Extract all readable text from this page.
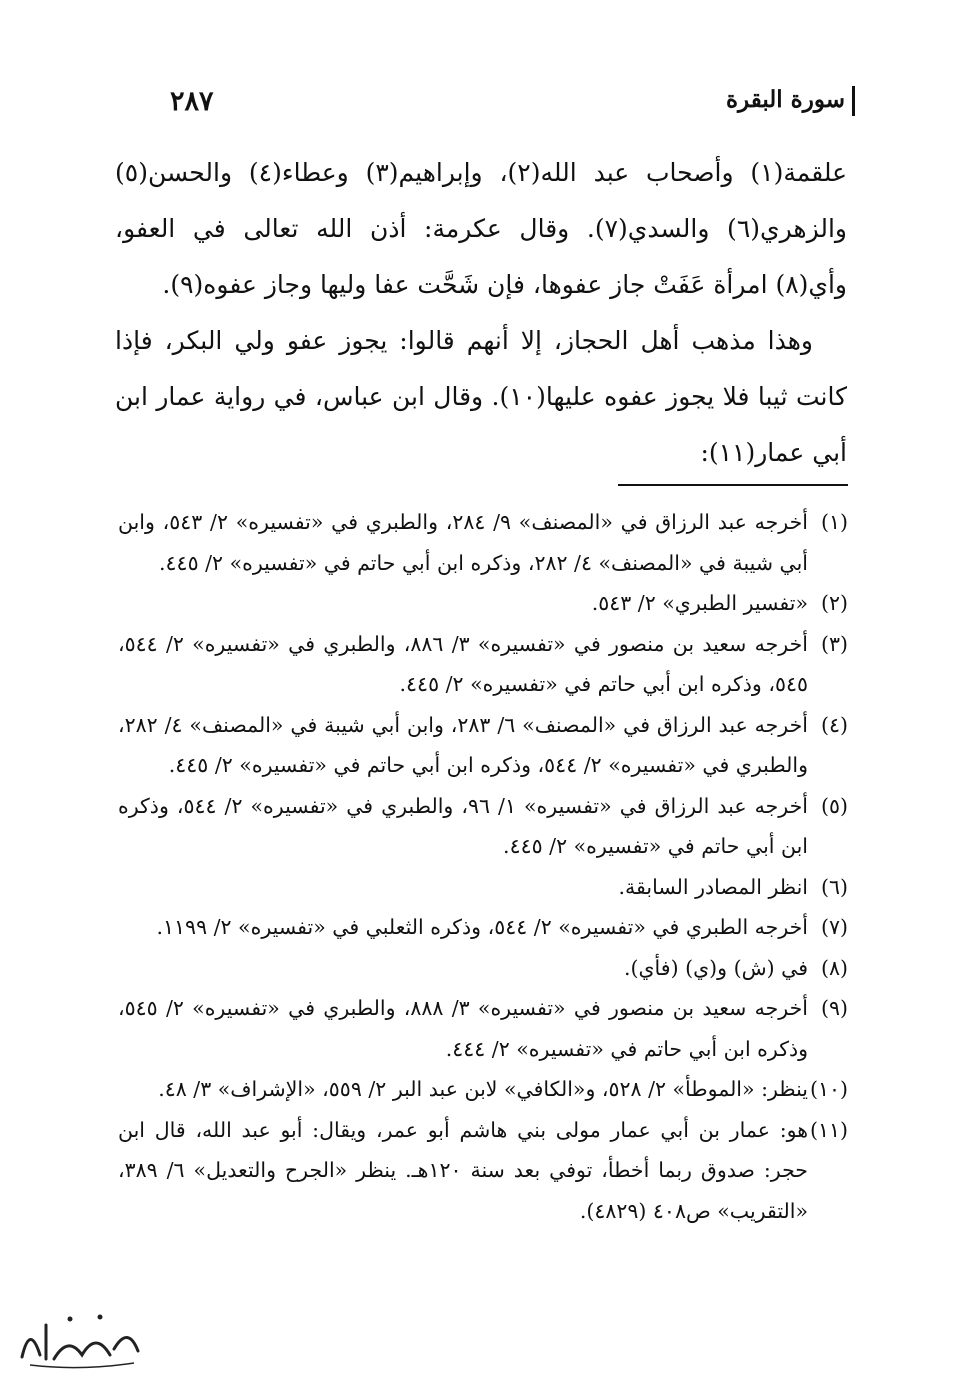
سورة البقرة
٢٨٧

علقمة(١) وأصحاب عبد الله(٢)، وإبراهيم(٣) وعطاء(٤) والحسن(٥) والزهري(٦) والسدي(٧). وقال عكرمة: أذن الله تعالى في العفو، وأي(٨) امرأة عَفَتْ جاز عفوها، فإن شَحَّت عفا وليها وجاز عفوه(٩).

وهذا مذهب أهل الحجاز، إلا أنهم قالوا: يجوز عفو ولي البكر، فإذا كانت ثيبا فلا يجوز عفوه عليها(١٠). وقال ابن عباس، في رواية عمار ابن أبي عمار(١١):

(١)أخرجه عبد الرزاق في «المصنف» ٩/ ٢٨٤، والطبري في «تفسيره» ٢/ ٥٤٣، وابن أبي شيبة في «المصنف» ٤/ ٢٨٢، وذكره ابن أبي حاتم في «تفسيره» ٢/ ٤٤٥.
(٢)«تفسير الطبري» ٢/ ٥٤٣.
(٣)أخرجه سعيد بن منصور في «تفسيره» ٣/ ٨٨٦، والطبري في «تفسيره» ٢/ ٥٤٤، ٥٤٥، وذكره ابن أبي حاتم في «تفسيره» ٢/ ٤٤٥.
(٤)أخرجه عبد الرزاق في «المصنف» ٦/ ٢٨٣، وابن أبي شيبة في «المصنف» ٤/ ٢٨٢، والطبري في «تفسيره» ٢/ ٥٤٤، وذكره ابن أبي حاتم في «تفسيره» ٢/ ٤٤٥.
(٥)أخرجه عبد الرزاق في «تفسيره» ١/ ٩٦، والطبري في «تفسيره» ٢/ ٥٤٤، وذكره ابن أبي حاتم في «تفسيره» ٢/ ٤٤٥.
(٦)انظر المصادر السابقة.
(٧)أخرجه الطبري في «تفسيره» ٢/ ٥٤٤، وذكره الثعلبي في «تفسيره» ٢/ ١١٩٩.
(٨)في (ش) و(ي) (فأي).
(٩)أخرجه سعيد بن منصور في «تفسيره» ٣/ ٨٨٨، والطبري في «تفسيره» ٢/ ٥٤٥، وذكره ابن أبي حاتم في «تفسيره» ٢/ ٤٤٤.
(١٠)ينظر: «الموطأ» ٢/ ٥٢٨، و«الكافي» لابن عبد البر ٢/ ٥٥٩، «الإشراف» ٣/ ٤٨.
(١١)هو: عمار بن أبي عمار مولى بني هاشم أبو عمر، ويقال: أبو عبد الله، قال ابن حجر: صدوق ربما أخطأ، توفي بعد سنة ١٢٠هـ. ينظر «الجرح والتعديل» ٦/ ٣٨٩، «التقريب» ص٤٠٨ (٤٨٢٩).
